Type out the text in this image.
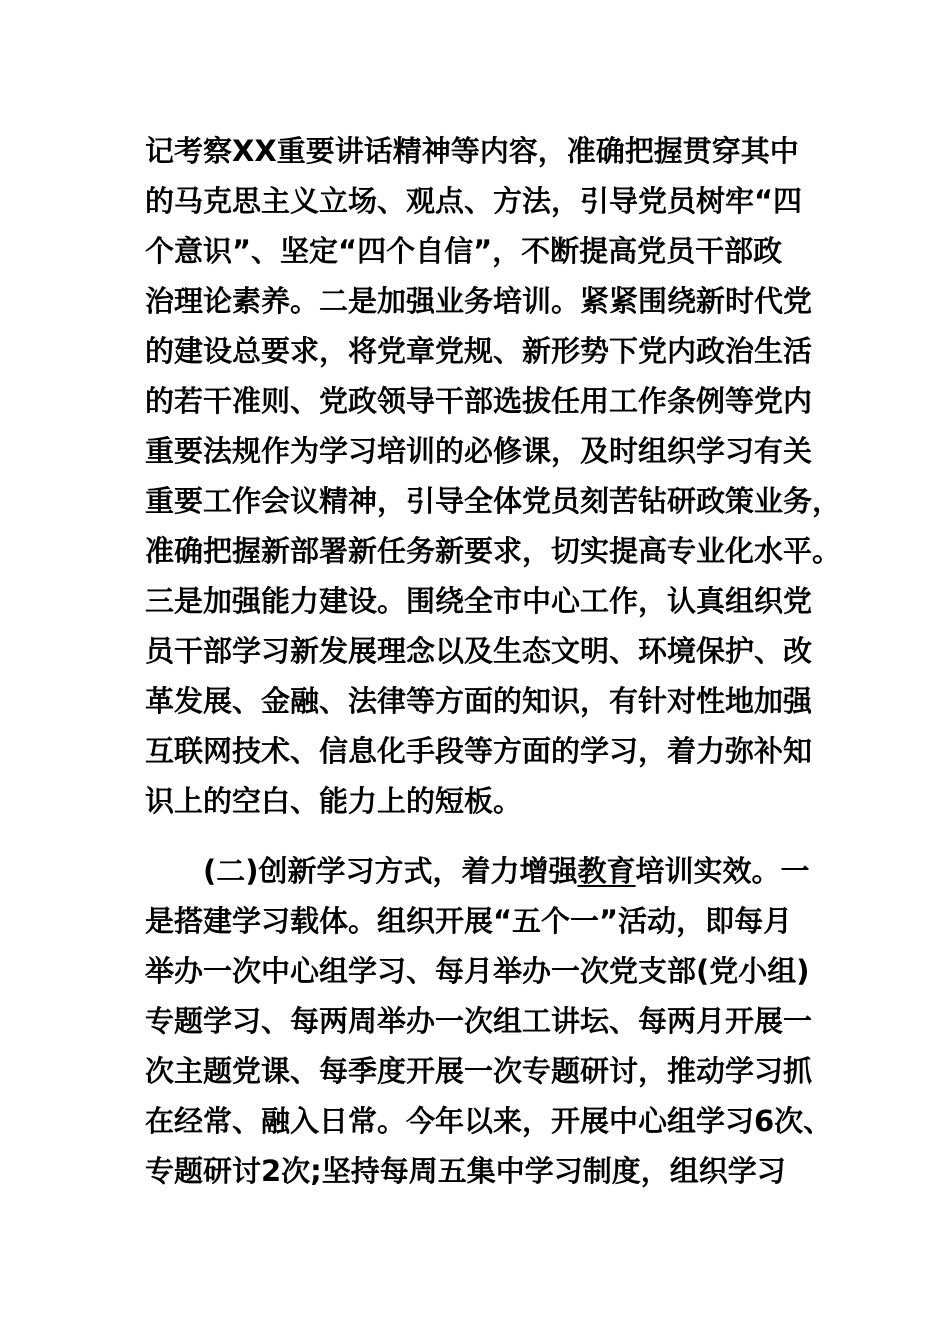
记考察XX重要讲话精神等内容，准确把握贯穿其中
的马克思主义立场、观点、方法，引导党员树牢“四
个意识”、坚定“四个自信”，不断提高党员干部政
治理论素养。二是加强业务培训。紧紧围绕新时代党
的建设总要求，将党章党规、新形势下党内政治生活
的若干准则、党政领导干部选拔任用工作条例等党内
重要法规作为学习培训的必修课，及时组织学习有关
重要工作会议精神，引导全体党员刻苦钻研政策业务，
准确把握新部署新任务新要求，切实提高专业化水平。
三是加强能力建设。围绕全市中心工作，认真组织党
员干部学习新发展理念以及生态文明、环境保护、改
革发展、金融、法律等方面的知识，有针对性地加强
互联网技术、信息化手段等方面的学习，着力弥补知
识上的空白、能力上的短板。
(二)创新学习方式，着力增强教育培训实效。一
是搭建学习载体。组织开展“五个一”活动，即每月
举办一次中心组学习、每月举办一次党支部(党小组)
专题学习、每两周举办一次组工讲坛、每两月开展一
次主题党课、每季度开展一次专题研讨，推动学习抓
在经常、融入日常。今年以来，开展中心组学习6次、
专题研讨2次;坚持每周五集中学习制度，组织学习
